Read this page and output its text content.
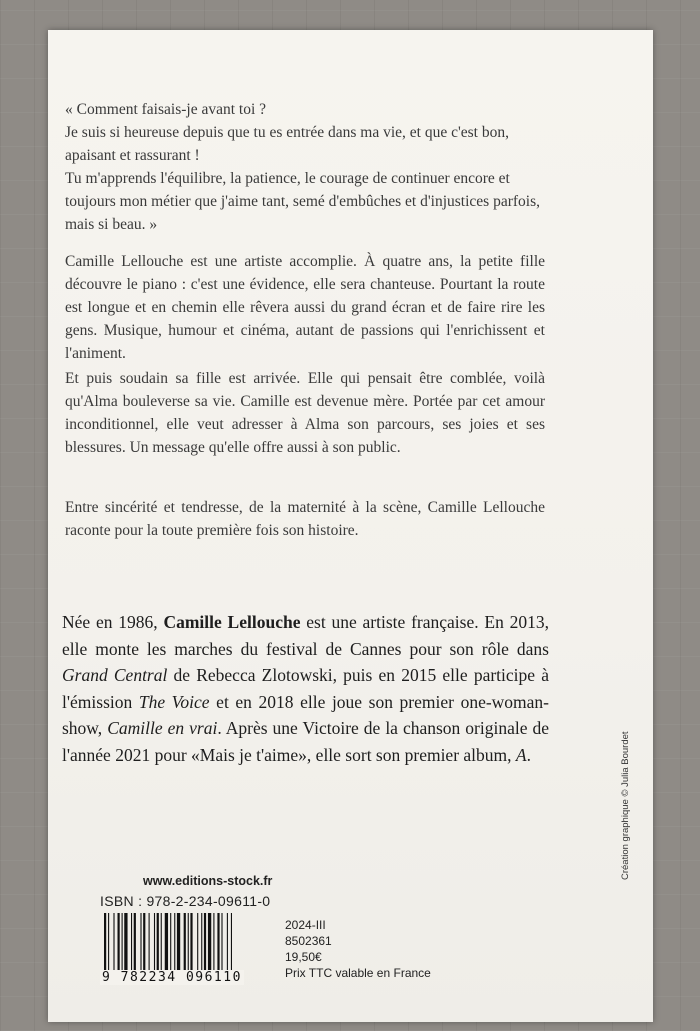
« Comment faisais-je avant toi ?
Je suis si heureuse depuis que tu es entrée dans ma vie, et que c'est bon, apaisant et rassurant !
Tu m'apprends l'équilibre, la patience, le courage de continuer encore et toujours mon métier que j'aime tant, semé d'embûches et d'injustices parfois, mais si beau. »

Camille Lellouche est une artiste accomplie. À quatre ans, la petite fille découvre le piano : c'est une évidence, elle sera chanteuse. Pourtant la route est longue et en chemin elle rêvera aussi du grand écran et de faire rire les gens. Musique, humour et cinéma, autant de passions qui l'enrichissent et l'animent.

Et puis soudain sa fille est arrivée. Elle qui pensait être comblée, voilà qu'Alma bouleverse sa vie. Camille est devenue mère. Portée par cet amour inconditionnel, elle veut adresser à Alma son parcours, ses joies et ses blessures. Un message qu'elle offre aussi à son public.

Entre sincérité et tendresse, de la maternité à la scène, Camille Lellouche raconte pour la toute première fois son histoire.

Née en 1986, Camille Lellouche est une artiste française. En 2013, elle monte les marches du festival de Cannes pour son rôle dans Grand Central de Rebecca Zlotowski, puis en 2015 elle participe à l'émission The Voice et en 2018 elle joue son premier one-woman-show, Camille en vrai. Après une Victoire de la chanson originale de l'année 2021 pour «Mais je t'aime», elle sort son premier album, A.	Création graphique © Julia Bourdet
www.editions-stock.fr
ISBN : 978-2-234-09611-0
9 782234 096110
2024-III
8502361
19,50€
Prix TTC valable en France
